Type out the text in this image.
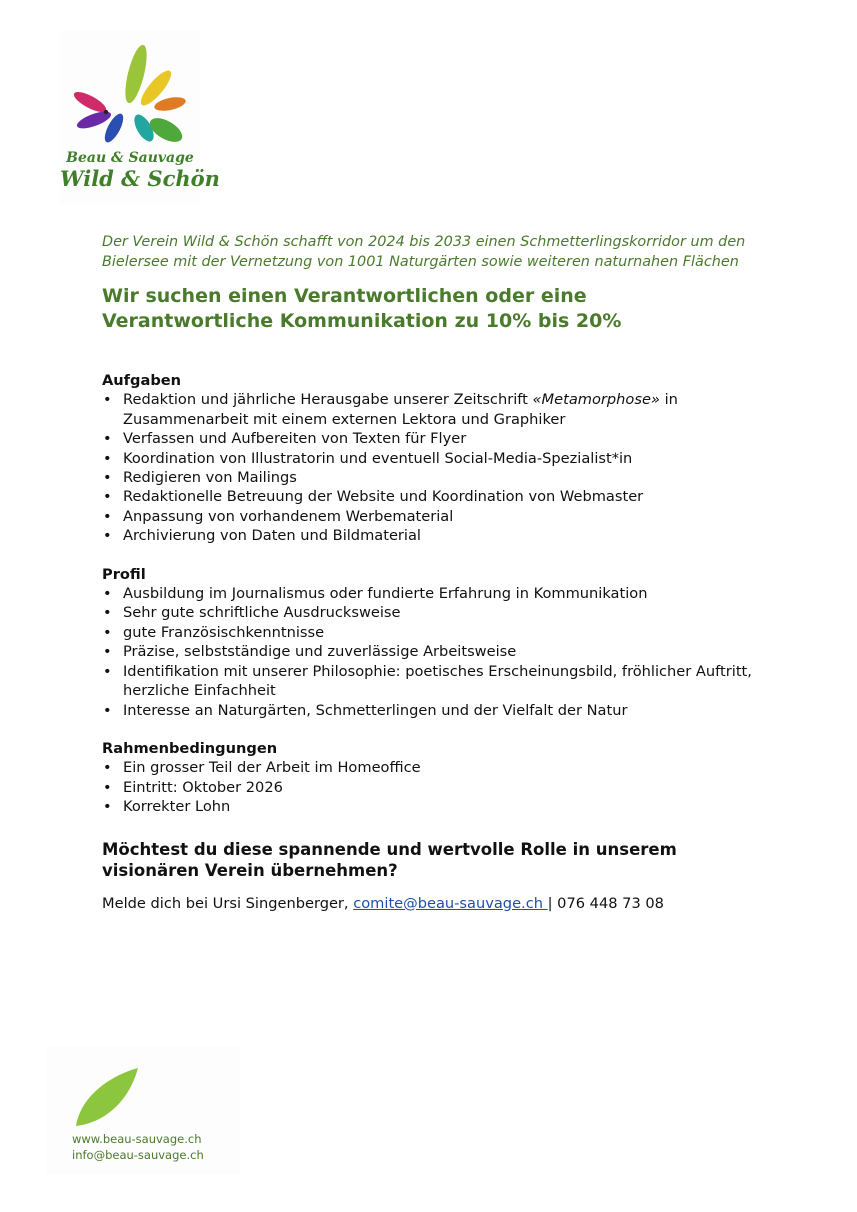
Beau & Sauvage
Wild & Schön

Der Verein Wild & Schön schafft von 2024 bis 2033 einen Schmetterlingskorridor um den Bielersee mit der Vernetzung von 1001 Naturgärten sowie weiteren naturnahen Flächen

Wir suchen einen Verantwortlichen oder eine Verantwortliche Kommunikation zu 10% bis 20%
Aufgaben
• Redaktion und jährliche Herausgabe unserer Zeitschrift «Metamorphose» in Zusammenarbeit mit einem externen Lektora und Graphiker
• Verfassen und Aufbereiten von Texten für Flyer
• Koordination von Illustratorin und eventuell Social-Media-Spezialist*in
• Redigieren von Mailings
• Redaktionelle Betreuung der Website und Koordination von Webmaster
• Anpassung von vorhandenem Werbematerial
• Archivierung von Daten und Bildmaterial
Profil
• Ausbildung im Journalismus oder fundierte Erfahrung in Kommunikation
• Sehr gute schriftliche Ausdrucksweise
• gute Französischkenntnisse
• Präzise, selbstständige und zuverlässige Arbeitsweise
• Identifikation mit unserer Philosophie: poetisches Erscheinungsbild, fröhlicher Auftritt, herzliche Einfachheit
• Interesse an Naturgärten, Schmetterlingen und der Vielfalt der Natur
Rahmenbedingungen
• Ein grosser Teil der Arbeit im Homeoffice
• Eintritt: Oktober 2026
• Korrekter Lohn
Möchtest du diese spannende und wertvolle Rolle in unserem visionären Verein übernehmen?
Melde dich bei Ursi Singenberger, comite@beau-sauvage.ch | 076 448 73 08
www.beau-sauvage.ch
info@beau-sauvage.ch
